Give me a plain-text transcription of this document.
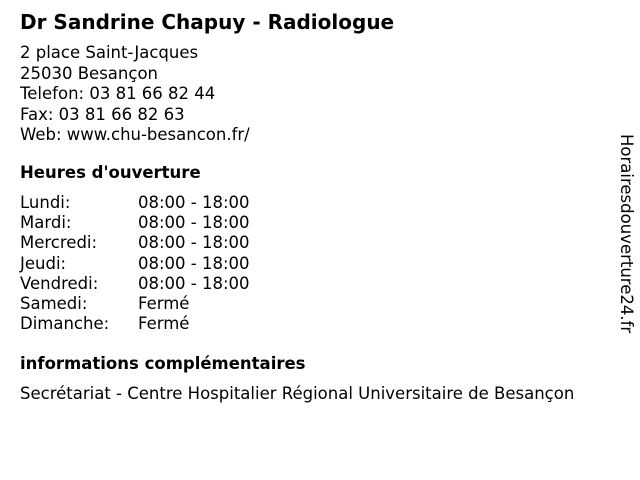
Dr Sandrine Chapuy - Radiologue
2 place Saint-Jacques
25030 Besançon
Telefon: 03 81 66 82 44
Fax: 03 81 66 82 63
Web: www.chu-besancon.fr/
Heures d'ouverture
Lundi:	08:00 - 18:00
Mardi:	08:00 - 18:00
Mercredi: 08:00 - 18:00
Jeudi:	08:00 - 18:00
Vendredi: 08:00 - 18:00
Samedi:	Fermé
Dimanche: Fermé
informations complémentaires
Secrétariat - Centre Hospitalier Régional Universitaire de Besançon
Horairesdouverture24.fr
